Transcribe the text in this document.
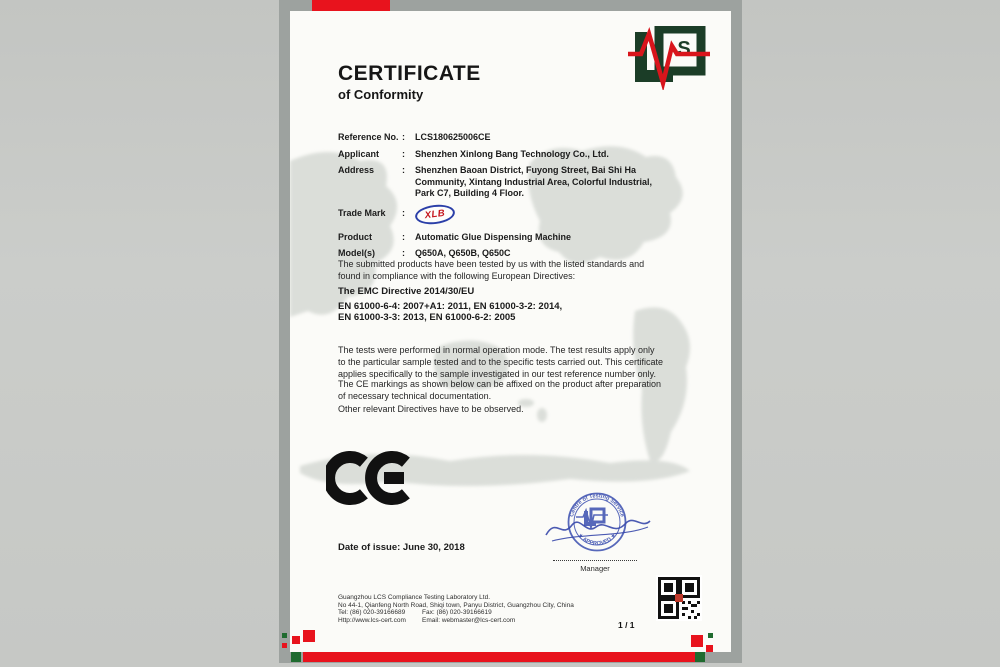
CERTIFICATE
of Conformity
S
Reference No. :	LCS180625006CE
Applicant	:	Shenzhen Xinlong Bang Technology Co., Ltd.
Address	:	Shenzhen Baoan District, Fuyong Street, Bai Shi Ha Community, Xintang Industrial Area, Colorful Industrial, Park C7, Building 4 Floor.
Trade Mark	:	XLB
Product	:	Automatic Glue Dispensing Machine
Model(s)	:	Q650A, Q650B, Q650C
The submitted products have been tested by us with the listed standards and found in compliance with the following European Directives:
The EMC Directive 2014/30/EU
EN 61000-6-4: 2007+A1: 2011, EN 61000-3-2: 2014,
EN 61000-3-3: 2013, EN 61000-6-2: 2005
The tests were performed in normal operation mode. The test results apply only to the particular sample tested and to the specific tests carried out. This certificate applies specifically to the sample investigated in our test reference number only.
The CE markings as shown below can be affixed on the product after preparation of necessary technical documentation.
Other relevant Directives have to be observed.
Date of issue: June 30, 2018
Centre of Testing Service
★ APPROVED ★
Manager
Guangzhou LCS Compliance Testing Laboratory Ltd.
No 44-1, Qianfeng North Road, Shiqi town, Panyu District, Guangzhou City, China
Tel: (86) 020-39166689	Fax: (86) 020-39166619
Http://www.lcs-cert.com	Email: webmaster@lcs-cert.com	1 / 1
